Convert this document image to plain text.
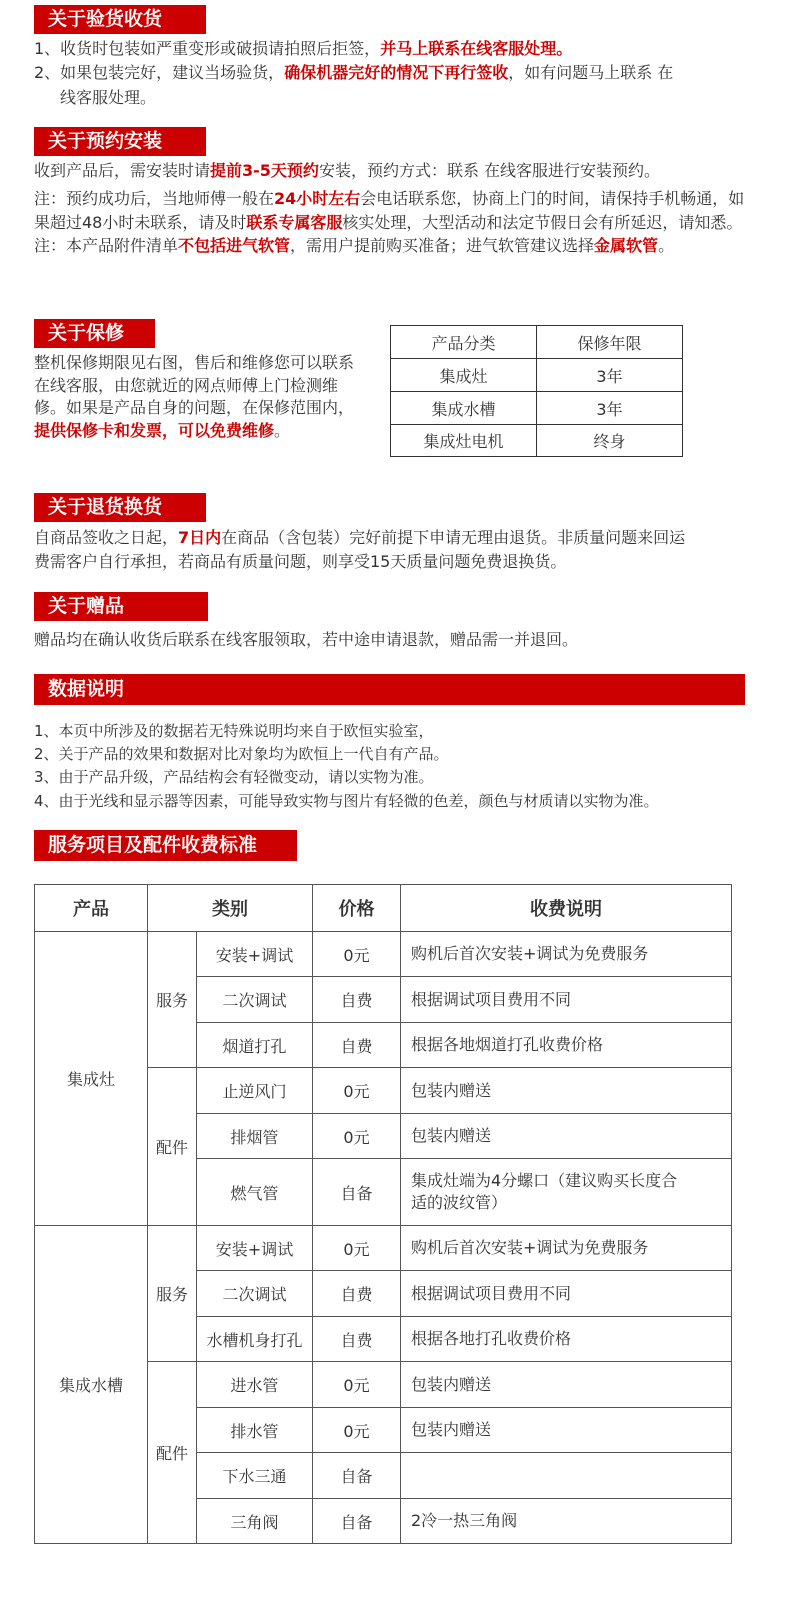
关于验货收货
1、收货时包装如严重变形或破损请拍照后拒签，并马上联系在线客服处理。
2、如果包装完好，建议当场验货，确保机器完好的情况下再行签收，如有问题马上联系 在
线客服处理。
关于预约安装
收到产品后，需安装时请提前3-5天预约安装，预约方式：联系 在线客服进行安装预约。
注：预约成功后，当地师傅一般在24小时左右会电话联系您，协商上门的时间，请保持手机畅通，如果超过48小时未联系，请及时联系专属客服核实处理，大型活动和法定节假日会有所延迟，请知悉。注：本产品附件清单不包括进气软管，需用户提前购买准备；进气软管建议选择金属软管。
关于保修
整机保修期限见右图，售后和维修您可以联系在线客服，由您就近的网点师傅上门检测维修。如果是产品自身的问题，在保修范围内，提供保修卡和发票，可以免费维修。
产品分类	保修年限
集成灶	3年
集成水槽	3年
集成灶电机	终身
关于退货换货
自商品签收之日起，7日内在商品（含包装）完好前提下申请无理由退货。非质量问题来回运
费需客户自行承担，若商品有质量问题，则享受15天质量问题免费退换货。
关于赠品
赠品均在确认收货后联系在线客服领取，若中途申请退款，赠品需一并退回。
数据说明
1、本页中所涉及的数据若无特殊说明均来自于欧恒实验室，
2、关于产品的效果和数据对比对象均为欧恒上一代自有产品。
3、由于产品升级，产品结构会有轻微变动，请以实物为准。
4、由于光线和显示器等因素，可能导致实物与图片有轻微的色差，颜色与材质请以实物为准。
服务项目及配件收费标准
产品	类别		价格	收费说明
集成灶	服务	安装+调试	0元	购机后首次安装+调试为免费服务
		二次调试	自费	根据调试项目费用不同
		烟道打孔	自费	根据各地烟道打孔收费价格
	配件	止逆风门	0元	包装内赠送
		排烟管	0元	包装内赠送
		燃气管	自备	集成灶端为4分螺口（建议购买长度合适的波纹管）
集成水槽	服务	安装+调试	0元	购机后首次安装+调试为免费服务
		二次调试	自费	根据调试项目费用不同
		水槽机身打孔	自费	根据各地打孔收费价格
	配件	进水管	0元	包装内赠送
		排水管	0元	包装内赠送
		下水三通	自备	
		三角阀	自备	2冷一热三角阀
